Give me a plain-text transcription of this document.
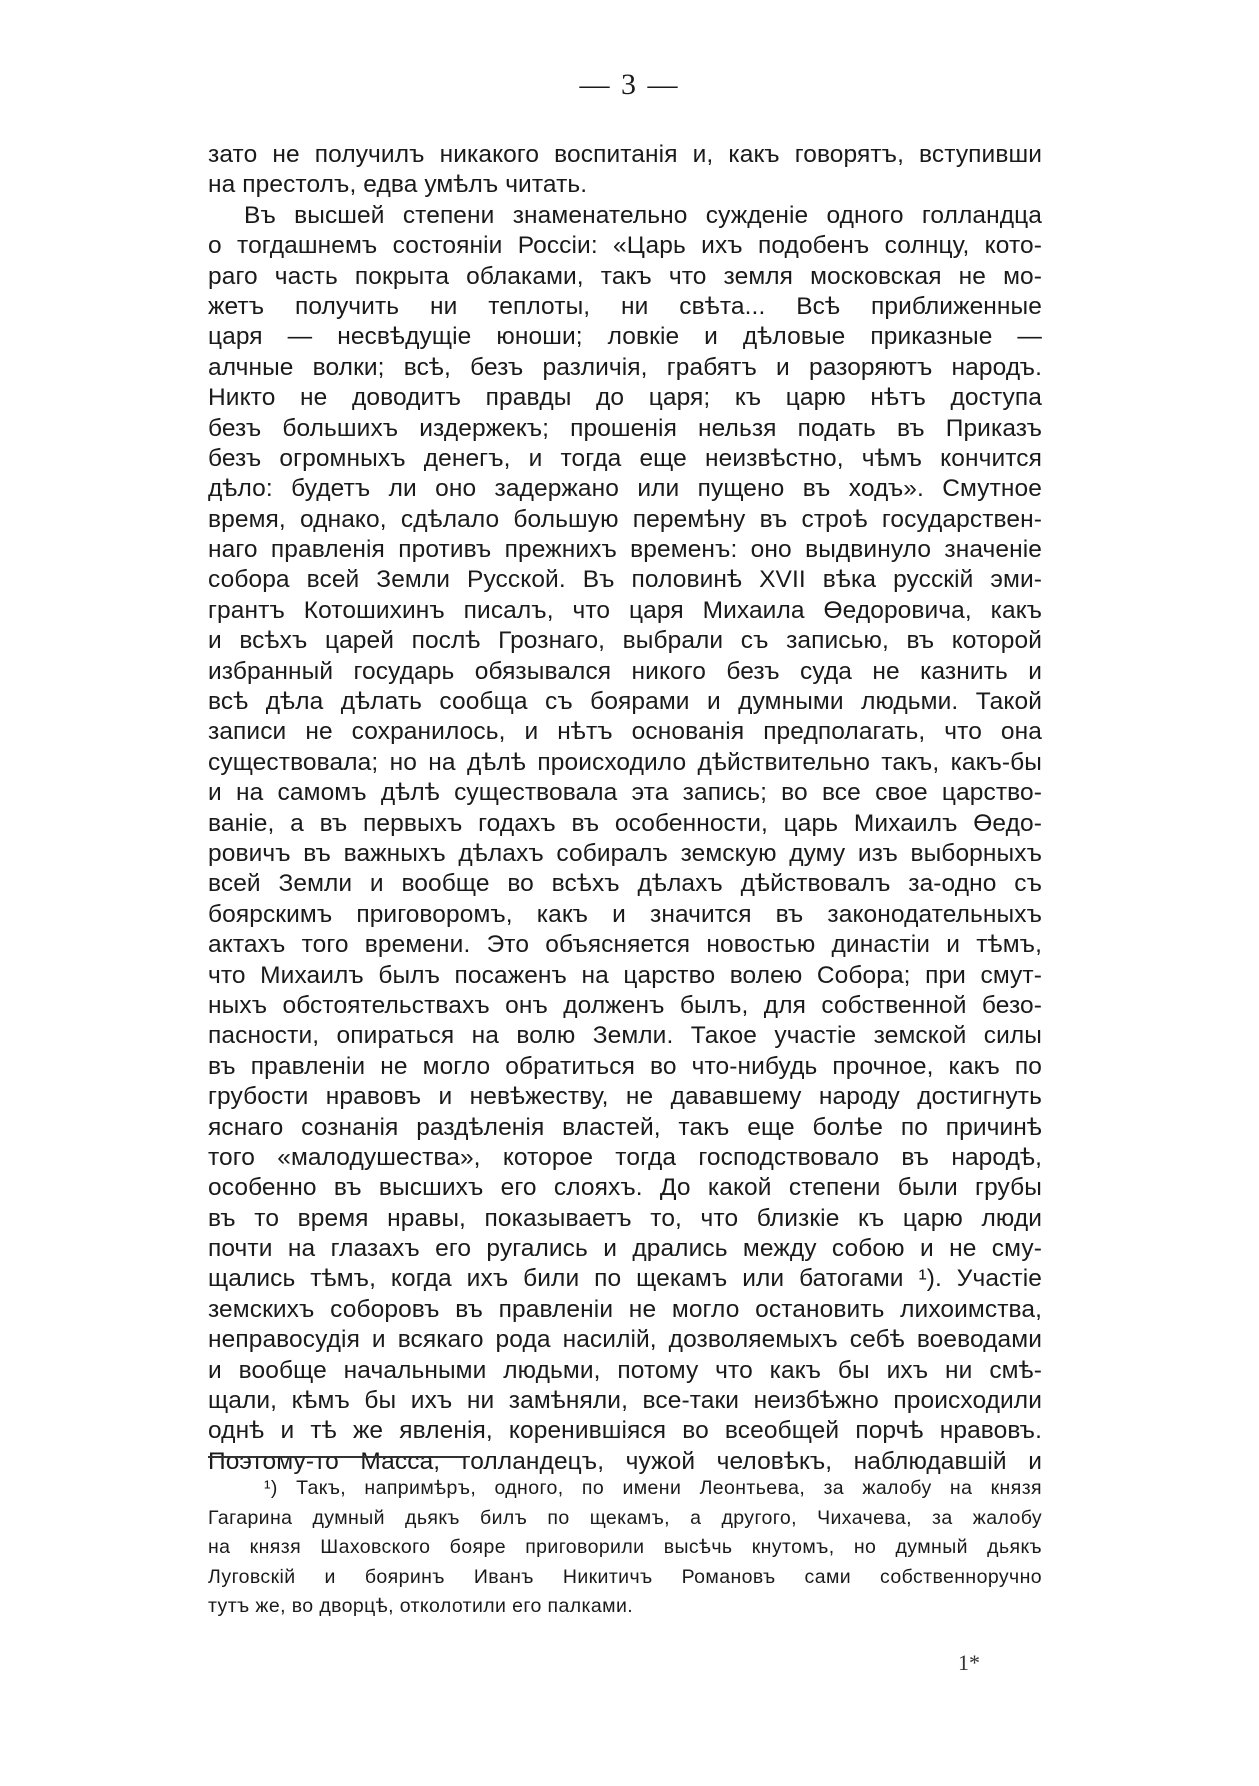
— 3 —
зато не получилъ никакого воспитанія и, какъ говорятъ, вступивши
на престолъ, едва умѣлъ читать.
Въ высшей степени знаменательно сужденіе одного голландца
о тогдашнемъ состояніи Россіи: «Царь ихъ подобенъ солнцу, кото-
раго часть покрыта облаками, такъ что земля московская не мо-
жетъ получить ни теплоты, ни свѣта... Всѣ приближенные
царя — несвѣдущіе юноши; ловкіе и дѣловые приказные —
алчные волки; всѣ, безъ различія, грабятъ и разоряютъ народъ.
Никто не доводитъ правды до царя; къ царю нѣтъ доступа
безъ большихъ издержекъ; прошенія нельзя подать въ Приказъ
безъ огромныхъ денегъ, и тогда еще неизвѣстно, чѣмъ кончится
дѣло: будетъ ли оно задержано или пущено въ ходъ». Смутное
время, однако, сдѣлало большую перемѣну въ строѣ государствен-
наго правленія противъ прежнихъ временъ: оно выдвинуло значеніе
собора всей Земли Русской. Въ половинѣ XVII вѣка русскій эми-
грантъ Котошихинъ писалъ, что царя Михаила Өедоровича, какъ
и всѣхъ царей послѣ Грознаго, выбрали съ записью, въ которой
избранный государь обязывался никого безъ суда не казнить и
всѣ дѣла дѣлать сообща съ боярами и думными людьми. Такой
записи не сохранилось, и нѣтъ основанія предполагать, что она
существовала; но на дѣлѣ происходило дѣйствительно такъ, какъ-бы
и на самомъ дѣлѣ существовала эта запись; во все свое царство-
ваніе, а въ первыхъ годахъ въ особенности, царь Михаилъ Өедо-
ровичъ въ важныхъ дѣлахъ собиралъ земскую думу изъ выборныхъ
всей Земли и вообще во всѣхъ дѣлахъ дѣйствовалъ за-одно съ
боярскимъ приговоромъ, какъ и значится въ законодательныхъ
актахъ того времени. Это объясняется новостью династіи и тѣмъ,
что Михаилъ былъ посаженъ на царство волею Собора; при смут-
ныхъ обстоятельствахъ онъ долженъ былъ, для собственной безо-
пасности, опираться на волю Земли. Такое участіе земской силы
въ правленіи не могло обратиться во что-нибудь прочное, какъ по
грубости нравовъ и невѣжеству, не дававшему народу достигнуть
яснаго сознанія раздѣленія властей, такъ еще болѣе по причинѣ
того «малодушества», которое тогда господствовало въ народѣ,
особенно въ высшихъ его слояхъ. До какой степени были грубы
въ то время нравы, показываетъ то, что близкіе къ царю люди
почти на глазахъ его ругались и дрались между собою и не сму-
щались тѣмъ, когда ихъ били по щекамъ или батогами ¹). Участіе
земскихъ соборовъ въ правленіи не могло остановить лихоимства,
неправосудія и всякаго рода насилій, дозволяемыхъ себѣ воеводами
и вообще начальными людьми, потому что какъ бы ихъ ни смѣ-
щали, кѣмъ бы ихъ ни замѣняли, все-таки неизбѣжно происходили
однѣ и тѣ же явленія, коренившіяся во всеобщей порчѣ нравовъ.
Поэтому-то Масса, голландецъ, чужой человѣкъ, наблюдавшій и
¹) Такъ, напримѣръ, одного, по имени Леонтьева, за жалобу на князя
Гагарина думный дьякъ билъ по щекамъ, а другого, Чихачева, за жалобу
на князя Шаховского бояре приговорили высѣчь кнутомъ, но думный дьякъ
Луговскій и бояринъ Иванъ Никитичъ Романовъ сами собственноручно
тутъ же, во дворцѣ, отколотили его палками.
1*
